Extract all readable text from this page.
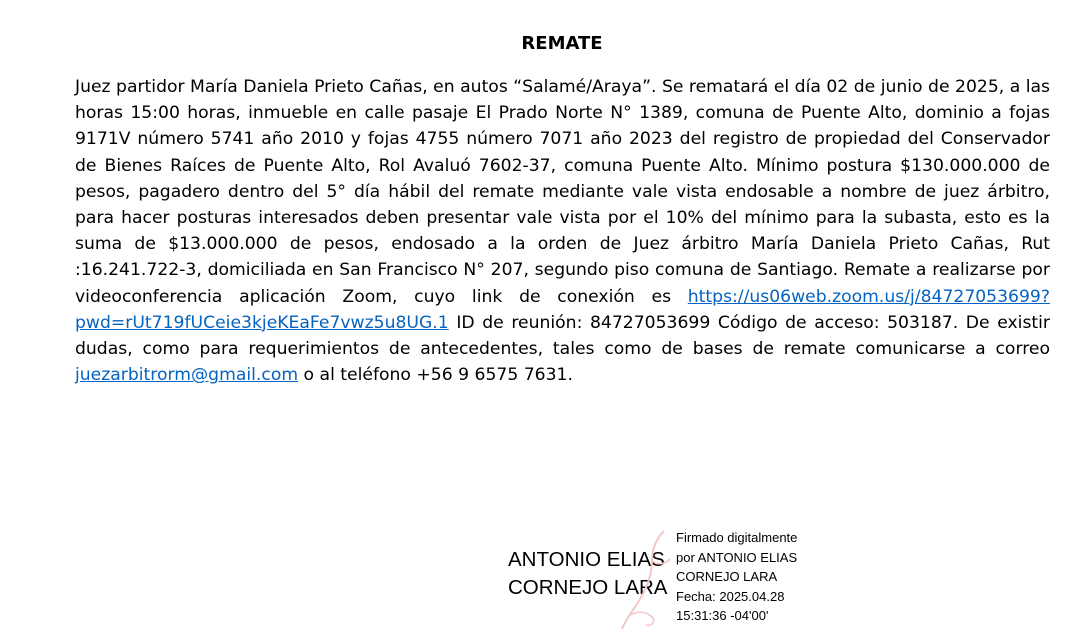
REMATE
Juez partidor María Daniela Prieto Cañas, en autos “Salamé/Araya”. Se rematará el día 02 de junio de 2025, a las horas 15:00 horas, inmueble en calle pasaje El Prado Norte N° 1389, comuna de Puente Alto, dominio a fojas 9171V número 5741 año 2010 y fojas 4755 número 7071 año 2023 del registro de propiedad del Conservador de Bienes Raíces de Puente Alto, Rol Avaluó 7602-37, comuna Puente Alto. Mínimo postura $130.000.000 de pesos, pagadero dentro del 5° día hábil del remate mediante vale vista endosable a nombre de juez árbitro, para hacer posturas interesados deben presentar vale vista por el 10% del mínimo para la subasta, esto es la suma de $13.000.000 de pesos, endosado a la orden de Juez árbitro María Daniela Prieto Cañas, Rut :16.241.722-3, domiciliada en San Francisco N° 207, segundo piso comuna de Santiago. Remate a realizarse por videoconferencia aplicación Zoom, cuyo link de conexión es https://us06web.zoom.us/j/84727053699?pwd=rUt719fUCeie3kjeKEaFe7vwz5u8UG.1 ID de reunión: 84727053699 Código de acceso: 503187. De existir dudas, como para requerimientos de antecedentes, tales como de bases de remate comunicarse a correo juezarbitrorm@gmail.com o al teléfono +56 9 6575 7631.
ANTONIO ELIAS
CORNEJO LARA
Firmado digitalmente
por ANTONIO ELIAS
CORNEJO LARA
Fecha: 2025.04.28
15:31:36 -04'00'
